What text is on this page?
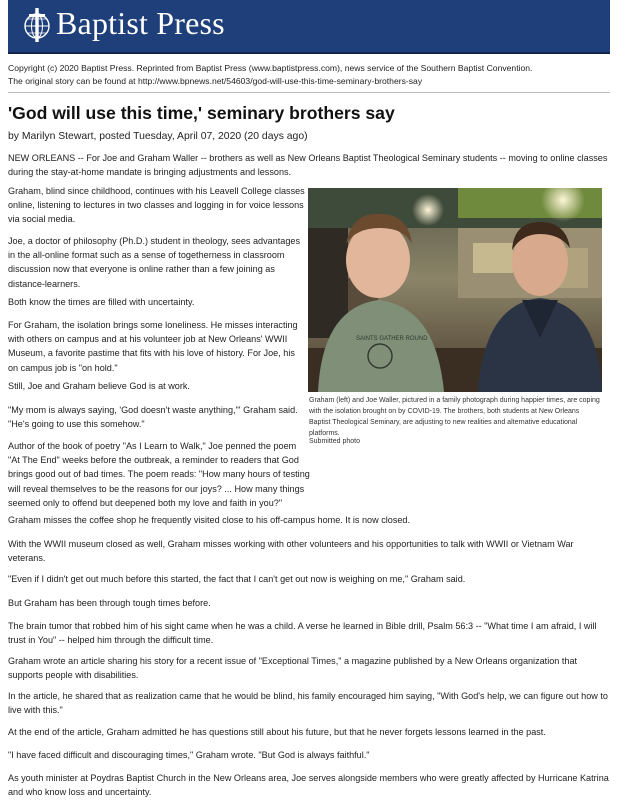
Baptist Press
Copyright (c) 2020 Baptist Press. Reprinted from Baptist Press (www.baptistpress.com), news service of the Southern Baptist Convention.
The original story can be found at http://www.bpnews.net/54603/god-will-use-this-time-seminary-brothers-say
'God will use this time,' seminary brothers say
by Marilyn Stewart, posted Tuesday, April 07, 2020 (20 days ago)

NEW ORLEANS -- For Joe and Graham Waller -- brothers as well as New Orleans Baptist Theological Seminary students -- moving to online classes during the stay-at-home mandate is bringing adjustments and lessons.

Graham, blind since childhood, continues with his Leavell College classes online, listening to lectures in two classes and logging in for voice lessons via social media.

Joe, a doctor of philosophy (Ph.D.) student in theology, sees advantages in the all-online format such as a sense of togetherness in classroom discussion now that everyone is online rather than a few joining as distance-learners.

Both know the times are filled with uncertainty.

For Graham, the isolation brings some loneliness. He misses interacting with others on campus and at his volunteer job at New Orleans' WWII Museum, a favorite pastime that fits with his love of history. For Joe, his on campus job is "on hold."

Still, Joe and Graham believe God is at work.

"My mom is always saying, 'God doesn't waste anything,'" Graham said. "He's going to use this somehow."

Author of the book of poetry "As I Learn to Walk," Joe penned the poem "At The End" weeks before the outbreak, a reminder to readers that God brings good out of bad times. The poem reads: "How many hours of testing will reveal themselves to be the reasons for our joys? ... How many things seemed only to offend but deepened both my love and faith in you?"

Graham misses the coffee shop he frequently visited close to his off-campus home. It is now closed.

With the WWII museum closed as well, Graham misses working with other volunteers and his opportunities to talk with WWII or Vietnam War veterans.

"Even if I didn't get out much before this started, the fact that I can't get out now is weighing on me," Graham said.

But Graham has been through tough times before.

The brain tumor that robbed him of his sight came when he was a child. A verse he learned in Bible drill, Psalm 56:3 -- "What time I am afraid, I will trust in You" -- helped him through the difficult time.

Graham wrote an article sharing his story for a recent issue of "Exceptional Times," a magazine published by a New Orleans organization that supports people with disabilities.

In the article, he shared that as realization came that he would be blind, his family encouraged him saying, "With God's help, we can figure out how to live with this."

At the end of the article, Graham admitted he has questions still about his future, but that he never forgets lessons learned in the past.

"I have faced difficult and discouraging times," Graham wrote. "But God is always faithful."

As youth minister at Poydras Baptist Church in the New Orleans area, Joe serves alongside members who were greatly affected by Hurricane Katrina and who know loss and uncertainty.

SAINTS GATHER ROUND
Graham (left) and Joe Waller, pictured in a family photograph during happier times, are coping with the isolation brought on by COVID-19. The brothers, both students at New Orleans Baptist Theological Seminary, are adjusting to new realities and alternative educational platforms.
Submitted photo
